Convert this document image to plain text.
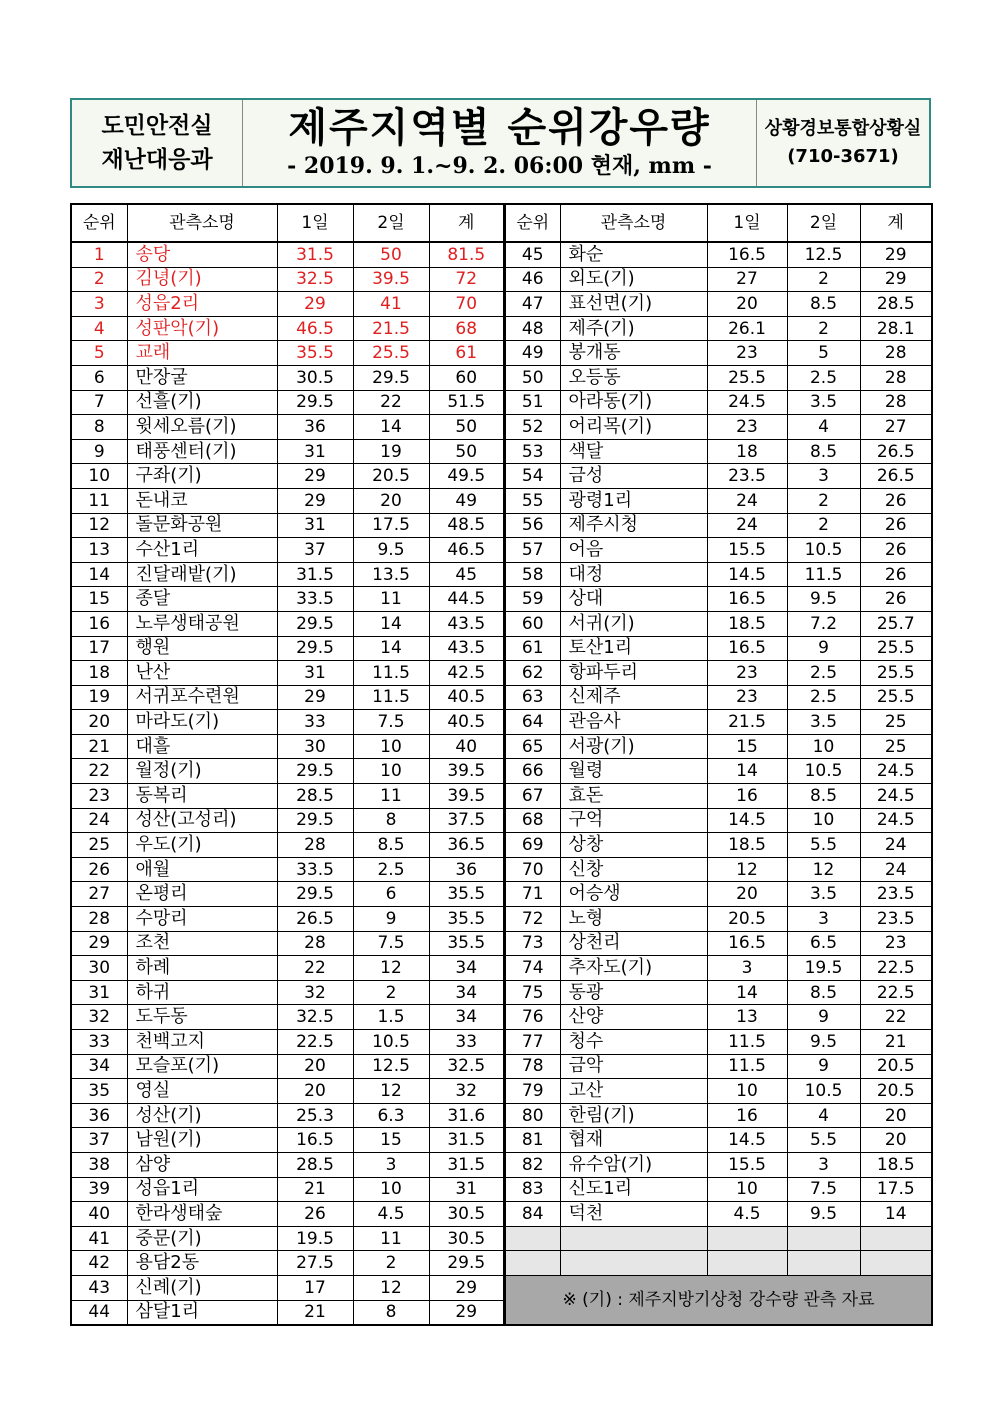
도민안전실
재난대응과
제주지역별 순위강우량
- 2019. 9. 1.~9. 2. 06:00 현재, mm -
상황경보통합상황실
(710-3671)
순위	관측소명	1일	2일	계
1	송당	31.5	50	81.5
2	김녕(기)	32.5	39.5	72
3	성읍2리	29	41	70
4	성판악(기)	46.5	21.5	68
5	교래	35.5	25.5	61
6	만장굴	30.5	29.5	60
7	선흘(기)	29.5	22	51.5
8	윗세오름(기)	36	14	50
9	태풍센터(기)	31	19	50
10	구좌(기)	29	20.5	49.5
11	돈내코	29	20	49
12	돌문화공원	31	17.5	48.5
13	수산1리	37	9.5	46.5
14	진달래밭(기)	31.5	13.5	45
15	종달	33.5	11	44.5
16	노루생태공원	29.5	14	43.5
17	행원	29.5	14	43.5
18	난산	31	11.5	42.5
19	서귀포수련원	29	11.5	40.5
20	마라도(기)	33	7.5	40.5
21	대흘	30	10	40
22	월정(기)	29.5	10	39.5
23	동복리	28.5	11	39.5
24	성산(고성리)	29.5	8	37.5
25	우도(기)	28	8.5	36.5
26	애월	33.5	2.5	36
27	온평리	29.5	6	35.5
28	수망리	26.5	9	35.5
29	조천	28	7.5	35.5
30	하례	22	12	34
31	하귀	32	2	34
32	도두동	32.5	1.5	34
33	천백고지	22.5	10.5	33
34	모슬포(기)	20	12.5	32.5
35	영실	20	12	32
36	성산(기)	25.3	6.3	31.6
37	남원(기)	16.5	15	31.5
38	삼양	28.5	3	31.5
39	성읍1리	21	10	31
40	한라생태숲	26	4.5	30.5
41	중문(기)	19.5	11	30.5
42	용담2동	27.5	2	29.5
43	신례(기)	17	12	29
44	삼달1리	21	8	29
순위	관측소명	1일	2일	계
45	화순	16.5	12.5	29
46	외도(기)	27	2	29
47	표선면(기)	20	8.5	28.5
48	제주(기)	26.1	2	28.1
49	봉개동	23	5	28
50	오등동	25.5	2.5	28
51	아라동(기)	24.5	3.5	28
52	어리목(기)	23	4	27
53	색달	18	8.5	26.5
54	금성	23.5	3	26.5
55	광령1리	24	2	26
56	제주시청	24	2	26
57	어음	15.5	10.5	26
58	대정	14.5	11.5	26
59	상대	16.5	9.5	26
60	서귀(기)	18.5	7.2	25.7
61	토산1리	16.5	9	25.5
62	항파두리	23	2.5	25.5
63	신제주	23	2.5	25.5
64	관음사	21.5	3.5	25
65	서광(기)	15	10	25
66	월령	14	10.5	24.5
67	효돈	16	8.5	24.5
68	구억	14.5	10	24.5
69	상창	18.5	5.5	24
70	신창	12	12	24
71	어승생	20	3.5	23.5
72	노형	20.5	3	23.5
73	상천리	16.5	6.5	23
74	추자도(기)	3	19.5	22.5
75	동광	14	8.5	22.5
76	산양	13	9	22
77	청수	11.5	9.5	21
78	금악	11.5	9	20.5
79	고산	10	10.5	20.5
80	한림(기)	16	4	20
81	협재	14.5	5.5	20
82	유수암(기)	15.5	3	18.5
83	신도1리	10	7.5	17.5
84	덕천	4.5	9.5	14

※ (기) : 제주지방기상청 강수량 관측 자료				
